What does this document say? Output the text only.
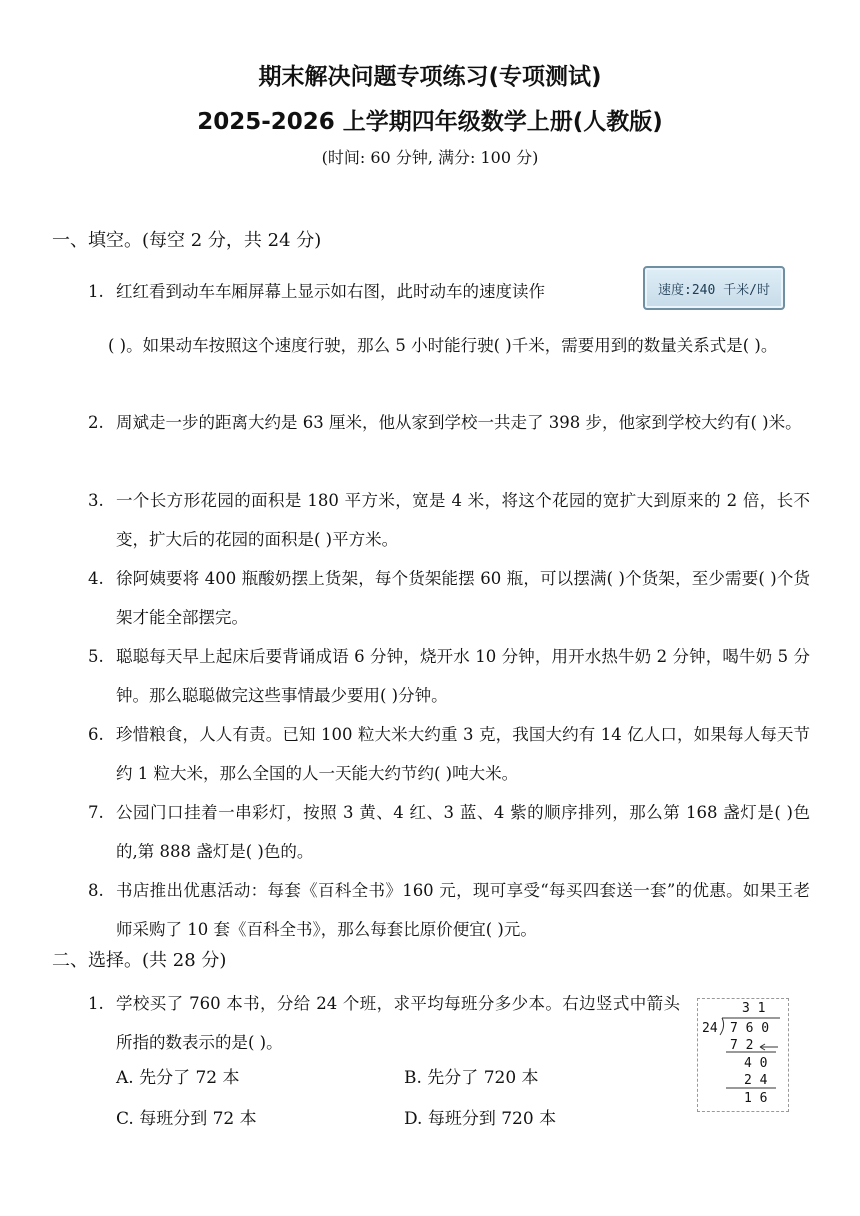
期末解决问题专项练习(专项测试)
2025-2026 上学期四年级数学上册(人教版)
(时间: 60 分钟, 满分: 100 分)
一、填空。(每空 2 分，共 24 分)
1. 红红看到动车车厢屏幕上显示如右图，此时动车的速度读作	速度:240 千米/时
( )。如果动车按照这个速度行驶，那么 5 小时能行驶( )千米，需要用到的数量关系式是( )。
2. 周斌走一步的距离大约是 63 厘米，他从家到学校一共走了 398 步，他家到学校大约有( )米。
3. 一个长方形花园的面积是 180 平方米，宽是 4 米，将这个花园的宽扩大到原来的 2 倍，长不变，扩大后的花园的面积是( )平方米。
4. 徐阿姨要将 400 瓶酸奶摆上货架，每个货架能摆 60 瓶，可以摆满( )个货架，至少需要( )个货架才能全部摆完。
5. 聪聪每天早上起床后要背诵成语 6 分钟，烧开水 10 分钟，用开水热牛奶 2 分钟，喝牛奶 5 分钟。那么聪聪做完这些事情最少要用( )分钟。
6. 珍惜粮食，人人有责。已知 100 粒大米大约重 3 克，我国大约有 14 亿人口，如果每人每天节约 1 粒大米，那么全国的人一天能大约节约( )吨大米。
7. 公园门口挂着一串彩灯，按照 3 黄、4 红、3 蓝、4 紫的顺序排列，那么第 168 盏灯是( )色的,第 888 盏灯是( )色的。
8. 书店推出优惠活动：每套《百科全书》160 元，现可享受“每买四套送一套”的优惠。如果王老师采购了 10 套《百科全书》，那么每套比原价便宜( )元。
二、选择。(共 28 分)
1. 学校买了 760 本书，分给 24 个班，求平均每班分多少本。右边竖式中箭头所指的数表示的是( )。
A. 先分了 72 本	B. 先分了 720 本
C. 每班分到 72 本	D. 每班分到 720 本
3 1
24 7 6 0
7 2
4 0
2 4
1 6
